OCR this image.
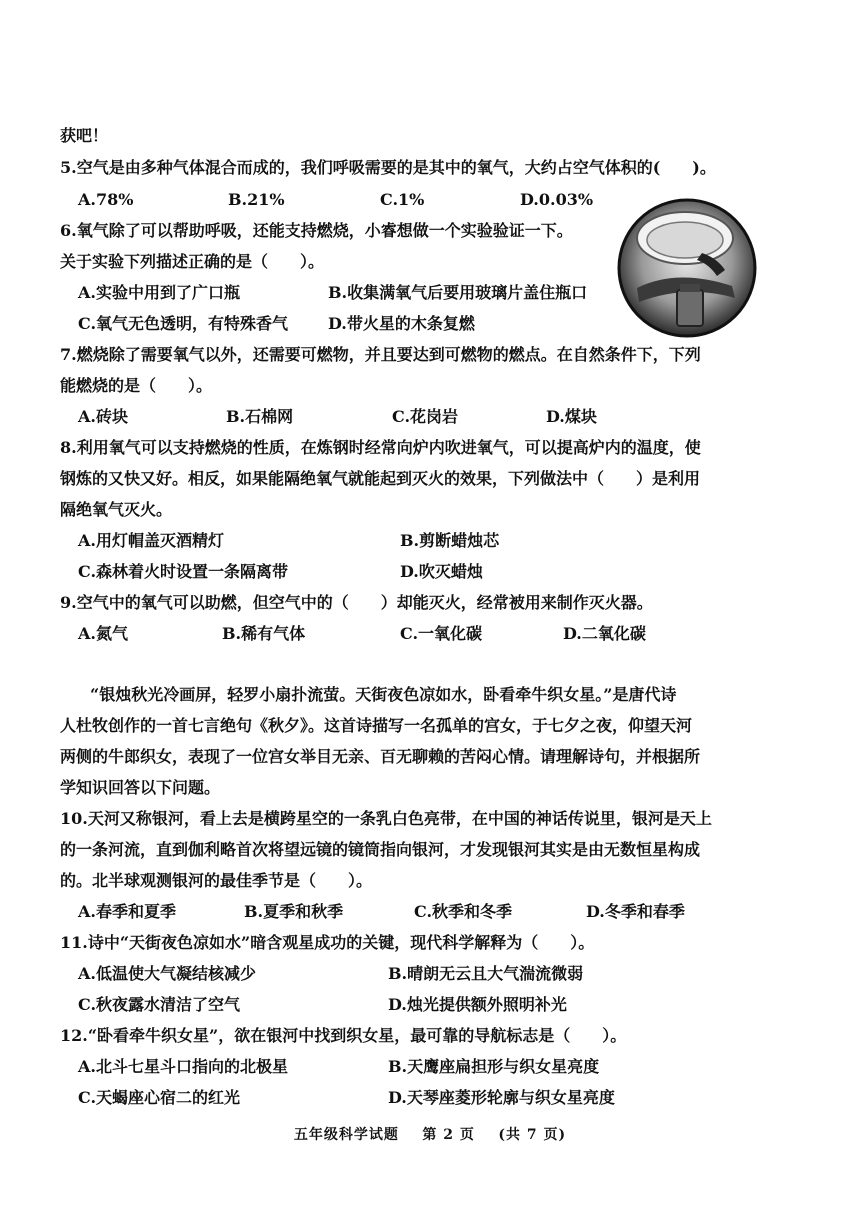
获吧！
5.空气是由多种气体混合而成的，我们呼吸需要的是其中的氧气，大约占空气体积的(　　)。
A.78%	B.21%	C.1%	D.0.03%
6.氧气除了可以帮助呼吸，还能支持燃烧，小睿想做一个实验验证一下。
关于实验下列描述正确的是（　　）。
A.实验中用到了广口瓶	B.收集满氧气后要用玻璃片盖住瓶口
C.氧气无色透明，有特殊香气 D.带火星的木条复燃
7.燃烧除了需要氧气以外，还需要可燃物，并且要达到可燃物的燃点。在自然条件下，下列
能燃烧的是（　　）。
A.砖块	B.石棉网	C.花岗岩	D.煤块
8.利用氧气可以支持燃烧的性质，在炼钢时经常向炉内吹进氧气，可以提高炉内的温度，使
钢炼的又快又好。相反，如果能隔绝氧气就能起到灭火的效果，下列做法中（　　）是利用
隔绝氧气灭火。
A.用灯帽盖灭酒精灯	B.剪断蜡烛芯
C.森林着火时设置一条隔离带	D.吹灭蜡烛
9.空气中的氧气可以助燃，但空气中的（　　）却能灭火，经常被用来制作灭火器。
A.氮气	B.稀有气体	C.一氧化碳	D.二氧化碳
“银烛秋光冷画屏，轻罗小扇扑流萤。天街夜色凉如水，卧看牵牛织女星。”是唐代诗
人杜牧创作的一首七言绝句《秋夕》。这首诗描写一名孤单的宫女，于七夕之夜，仰望天河
两侧的牛郎织女，表现了一位宫女举目无亲、百无聊赖的苦闷心情。请理解诗句，并根据所
学知识回答以下问题。
10.天河又称银河，看上去是横跨星空的一条乳白色亮带，在中国的神话传说里，银河是天上
的一条河流，直到伽利略首次将望远镜的镜筒指向银河，才发现银河其实是由无数恒星构成
的。北半球观测银河的最佳季节是（　　）。
A.春季和夏季	B.夏季和秋季	C.秋季和冬季	D.冬季和春季
11.诗中“天街夜色凉如水”暗含观星成功的关键，现代科学解释为（　　）。
A.低温使大气凝结核减少	B.晴朗无云且大气湍流微弱
C.秋夜露水清洁了空气	D.烛光提供额外照明补光
12.“卧看牵牛织女星”，欲在银河中找到织女星，最可靠的导航标志是（　　）。
A.北斗七星斗口指向的北极星	B.天鹰座扁担形与织女星亮度
C.天蝎座心宿二的红光	D.天琴座菱形轮廓与织女星亮度
五年级科学试题    第 2 页    (共 7 页)
